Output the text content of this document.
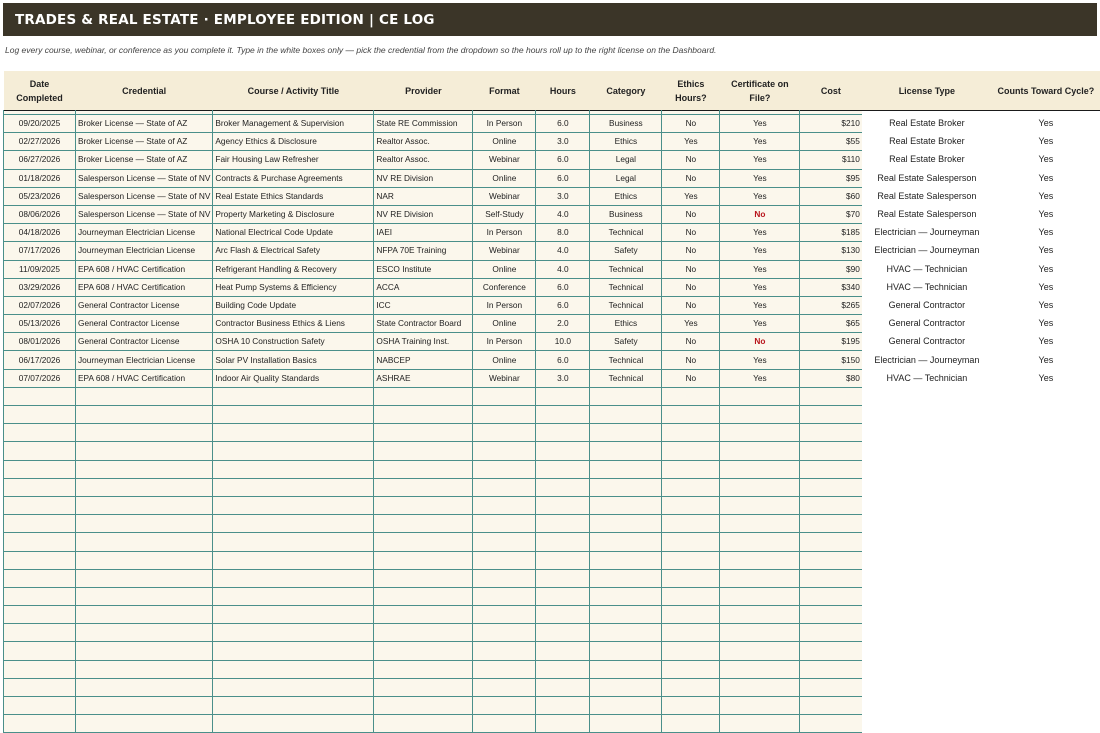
TRADES & REAL ESTATE · EMPLOYEE EDITION | CE LOG
Log every course, webinar, or conference as you complete it. Type in the white boxes only — pick the credential from the dropdown so the hours roll up to the right license on the Dashboard.
Date Completed	Credential	Course / Activity Title	Provider	Format	Hours	Category	Ethics Hours?	Certificate on File?	Cost	License Type	Counts Toward Cycle?

09/20/2025	Broker License — State of AZ	Broker Management & Supervision	State RE Commission	In Person	6.0	Business	No	Yes	$210	Real Estate Broker	Yes
02/27/2026	Broker License — State of AZ	Agency Ethics & Disclosure	Realtor Assoc.	Online	3.0	Ethics	Yes	Yes	$55	Real Estate Broker	Yes
06/27/2026	Broker License — State of AZ	Fair Housing Law Refresher	Realtor Assoc.	Webinar	6.0	Legal	No	Yes	$110	Real Estate Broker	Yes
01/18/2026	Salesperson License — State of NV	Contracts & Purchase Agreements	NV RE Division	Online	6.0	Legal	No	Yes	$95	Real Estate Salesperson	Yes
05/23/2026	Salesperson License — State of NV	Real Estate Ethics Standards	NAR	Webinar	3.0	Ethics	Yes	Yes	$60	Real Estate Salesperson	Yes
08/06/2026	Salesperson License — State of NV	Property Marketing & Disclosure	NV RE Division	Self-Study	4.0	Business	No	No	$70	Real Estate Salesperson	Yes
04/18/2026	Journeyman Electrician License	National Electrical Code Update	IAEI	In Person	8.0	Technical	No	Yes	$185	Electrician — Journeyman	Yes
07/17/2026	Journeyman Electrician License	Arc Flash & Electrical Safety	NFPA 70E Training	Webinar	4.0	Safety	No	Yes	$130	Electrician — Journeyman	Yes
11/09/2025	EPA 608 / HVAC Certification	Refrigerant Handling & Recovery	ESCO Institute	Online	4.0	Technical	No	Yes	$90	HVAC — Technician	Yes
03/29/2026	EPA 608 / HVAC Certification	Heat Pump Systems & Efficiency	ACCA	Conference	6.0	Technical	No	Yes	$340	HVAC — Technician	Yes
02/07/2026	General Contractor License	Building Code Update	ICC	In Person	6.0	Technical	No	Yes	$265	General Contractor	Yes
05/13/2026	General Contractor License	Contractor Business Ethics & Liens	State Contractor Board	Online	2.0	Ethics	Yes	Yes	$65	General Contractor	Yes
08/01/2026	General Contractor License	OSHA 10 Construction Safety	OSHA Training Inst.	In Person	10.0	Safety	No	No	$195	General Contractor	Yes
06/17/2026	Journeyman Electrician License	Solar PV Installation Basics	NABCEP	Online	6.0	Technical	No	Yes	$150	Electrician — Journeyman	Yes
07/07/2026	EPA 608 / HVAC Certification	Indoor Air Quality Standards	ASHRAE	Webinar	3.0	Technical	No	Yes	$80	HVAC — Technician	Yes
